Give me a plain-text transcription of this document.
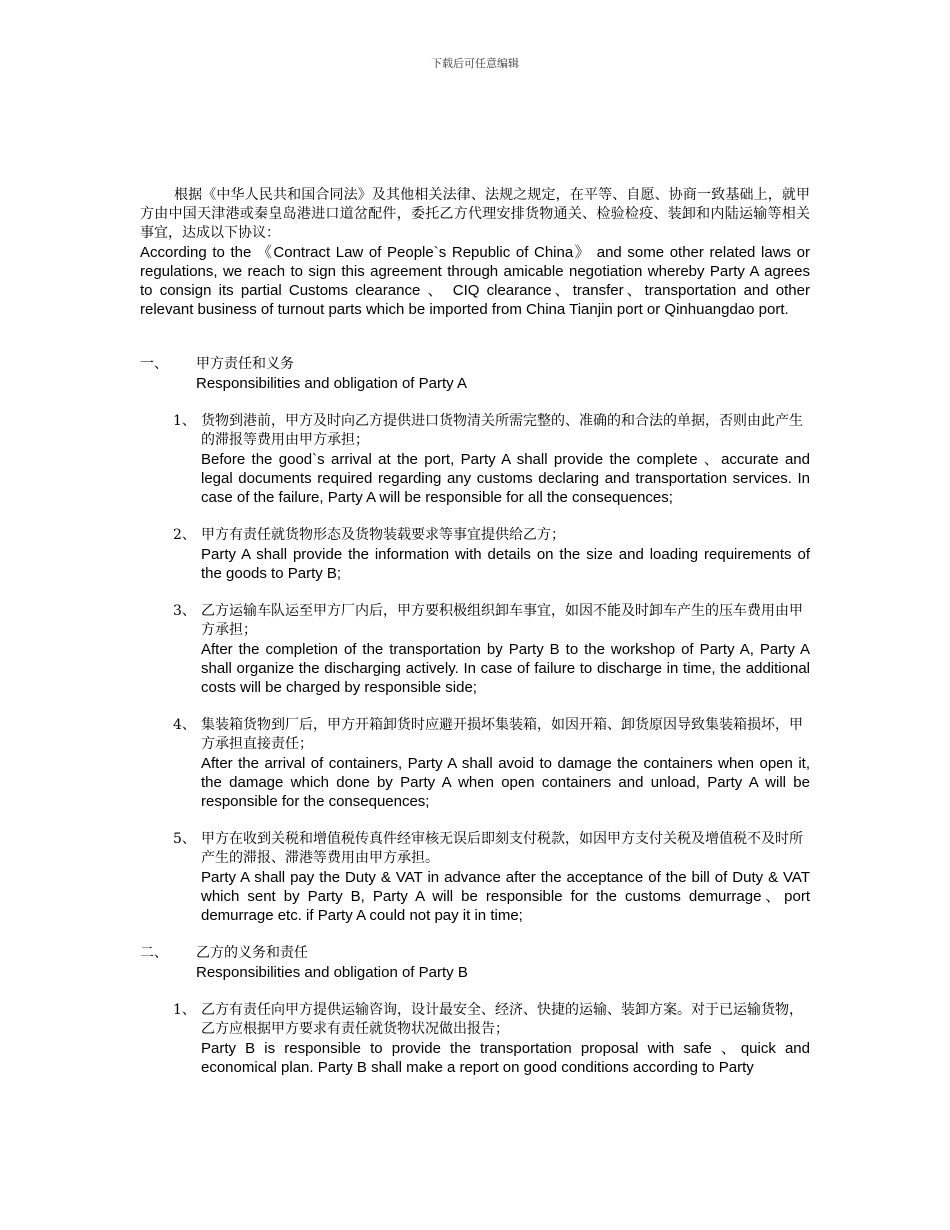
下载后可任意编辑
根据《中华人民共和国合同法》及其他相关法律、法规之规定，在平等、自愿、协商一致基础上，就甲方由中国天津港或秦皇岛港进口道岔配件，委托乙方代理安排货物通关、检验检疫、装卸和内陆运输等相关事宜，达成以下协议：
According to the 《Contract Law of People`s Republic of China》 and some other related laws or regulations, we reach to sign this agreement through amicable negotiation whereby Party A agrees to consign its partial Customs clearance 、 CIQ clearance、transfer、transportation and other relevant business of turnout parts which be imported from China Tianjin port or Qinhuangdao port.
一、	甲方责任和义务
Responsibilities and obligation of Party A
1、 货物到港前，甲方及时向乙方提供进口货物清关所需完整的、准确的和合法的单据，否则由此产生的滞报等费用由甲方承担；
Before the good`s arrival at the port, Party A shall provide the complete 、accurate and legal documents required regarding any customs declaring and transportation services. In case of the failure, Party A will be responsible for all the consequences;
2、 甲方有责任就货物形态及货物装载要求等事宜提供给乙方；
Party A shall provide the information with details on the size and loading requirements of the goods to Party B;
3、 乙方运输车队运至甲方厂内后，甲方要积极组织卸车事宜，如因不能及时卸车产生的压车费用由甲方承担；
After the completion of the transportation by Party B to the workshop of Party A, Party A shall organize the discharging actively. In case of failure to discharge in time, the additional costs will be charged by responsible side;
4、 集装箱货物到厂后，甲方开箱卸货时应避开损坏集装箱，如因开箱、卸货原因导致集装箱损坏，甲方承担直接责任；
After the arrival of containers, Party A shall avoid to damage the containers when open it, the damage which done by Party A when open containers and unload, Party A will be responsible for the consequences;
5、 甲方在收到关税和增值税传真件经审核无误后即刻支付税款，如因甲方支付关税及增值税不及时所产生的滞报、滞港等费用由甲方承担。
Party A shall pay the Duty & VAT in advance after the acceptance of the bill of Duty & VAT which sent by Party B, Party A will be responsible for the customs demurrage、port demurrage etc. if Party A could not pay it in time;
二、	乙方的义务和责任
Responsibilities and obligation of Party B
1、 乙方有责任向甲方提供运输咨询，设计最安全、经济、快捷的运输、装卸方案。对于已运输货物，乙方应根据甲方要求有责任就货物状况做出报告；
Party B is responsible to provide the transportation proposal with safe 、quick and economical plan. Party B shall make a report on good conditions according to Party
